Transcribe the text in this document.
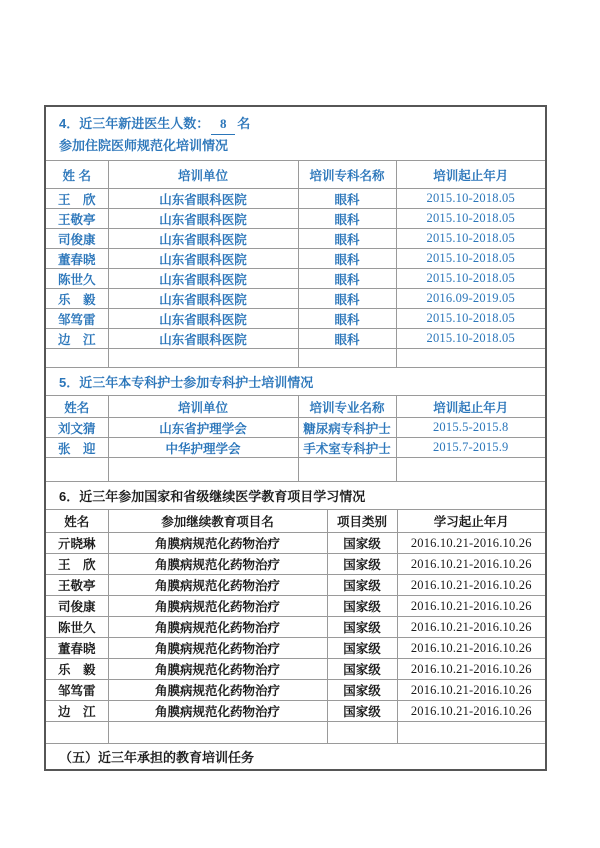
4．近三年新进医生人数： 8 名
参加住院医师规范化培训情况
姓 名	培训单位	培训专科名称	培训起止年月
王　欣	山东省眼科医院	眼科	2015.10-2018.05
王敬亭	山东省眼科医院	眼科	2015.10-2018.05
司俊康	山东省眼科医院	眼科	2015.10-2018.05
董春晓	山东省眼科医院	眼科	2015.10-2018.05
陈世久	山东省眼科医院	眼科	2015.10-2018.05
乐　毅	山东省眼科医院	眼科	2016.09-2019.05
邹笃雷	山东省眼科医院	眼科	2015.10-2018.05
边　江	山东省眼科医院	眼科	2015.10-2018.05

5．近三年本专科护士参加专科护士培训情况
姓名	培训单位	培训专业名称	培训起止年月
刘文猜	山东省护理学会	糖尿病专科护士	2015.5-2015.8
张　迎	中华护理学会	手术室专科护士	2015.7-2015.9

6．近三年参加国家和省级继续医学教育项目学习情况
姓名	参加继续教育项目名	项目类别	学习起止年月
亓晓琳	角膜病规范化药物治疗	国家级	2016.10.21-2016.10.26
王　欣	角膜病规范化药物治疗	国家级	2016.10.21-2016.10.26
王敬亭	角膜病规范化药物治疗	国家级	2016.10.21-2016.10.26
司俊康	角膜病规范化药物治疗	国家级	2016.10.21-2016.10.26
陈世久	角膜病规范化药物治疗	国家级	2016.10.21-2016.10.26
董春晓	角膜病规范化药物治疗	国家级	2016.10.21-2016.10.26
乐　毅	角膜病规范化药物治疗	国家级	2016.10.21-2016.10.26
邹笃雷	角膜病规范化药物治疗	国家级	2016.10.21-2016.10.26
边　江	角膜病规范化药物治疗	国家级	2016.10.21-2016.10.26

（五）近三年承担的教育培训任务
